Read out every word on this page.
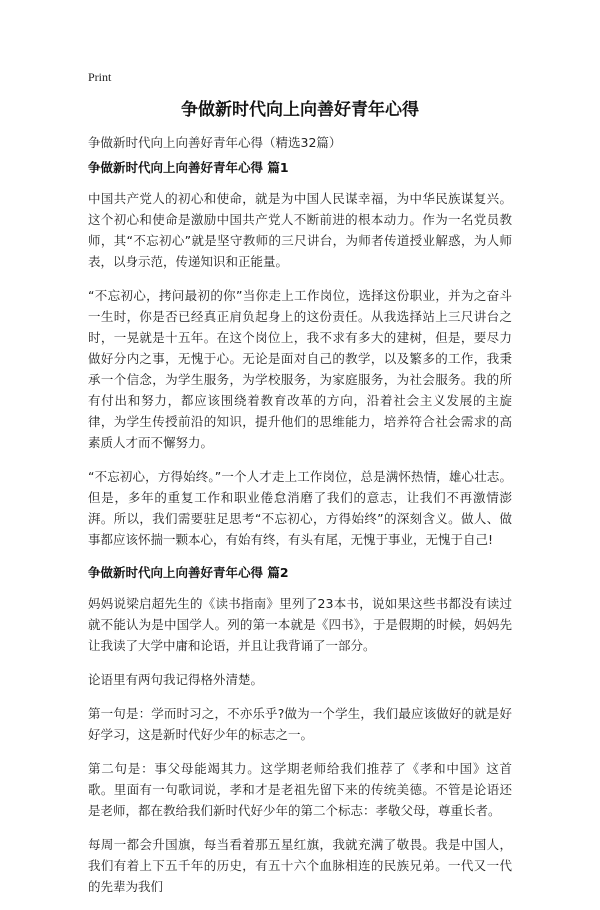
Print
争做新时代向上向善好青年心得

争做新时代向上向善好青年心得（精选32篇）

争做新时代向上向善好青年心得 篇1

中国共产党人的初心和使命，就是为中国人民谋幸福，为中华民族谋复兴。这个初心和使命是激励中国共产党人不断前进的根本动力。作为一名党员教师，其“不忘初心”就是坚守教师的三尺讲台，为师者传道授业解惑，为人师表，以身示范，传递知识和正能量。

“不忘初心，拷问最初的你”当你走上工作岗位，选择这份职业，并为之奋斗一生时，你是否已经真正肩负起身上的这份责任。从我选择站上三尺讲台之时，一晃就是十五年。在这个岗位上，我不求有多大的建树，但是，要尽力做好分内之事，无愧于心。无论是面对自己的教学，以及繁多的工作，我秉承一个信念，为学生服务，为学校服务，为家庭服务，为社会服务。我的所有付出和努力，都应该围绕着教育改革的方向，沿着社会主义发展的主旋律，为学生传授前沿的知识，提升他们的思维能力，培养符合社会需求的高素质人才而不懈努力。

“不忘初心，方得始终。”一个人才走上工作岗位，总是满怀热情，雄心壮志。但是，多年的重复工作和职业倦怠消磨了我们的意志，让我们不再激情澎湃。所以，我们需要驻足思考“不忘初心，方得始终”的深刻含义。做人、做事都应该怀揣一颗本心，有始有终，有头有尾，无愧于事业，无愧于自己!

争做新时代向上向善好青年心得 篇2

妈妈说梁启超先生的《读书指南》里列了23本书，说如果这些书都没有读过就不能认为是中国学人。列的第一本就是《四书》，于是假期的时候，妈妈先让我读了大学中庸和论语，并且让我背诵了一部分。

论语里有两句我记得格外清楚。

第一句是：学而时习之，不亦乐乎?做为一个学生，我们最应该做好的就是好好学习，这是新时代好少年的标志之一。

第二句是：事父母能竭其力。这学期老师给我们推荐了《孝和中国》这首歌。里面有一句歌词说，孝和才是老祖先留下来的传统美德。不管是论语还是老师，都在教给我们新时代好少年的第二个标志：孝敬父母，尊重长者。

每周一都会升国旗，每当看着那五星红旗，我就充满了敬畏。我是中国人，我们有着上下五千年的历史，有五十六个血脉相连的民族兄弟。一代又一代的先辈为我们
